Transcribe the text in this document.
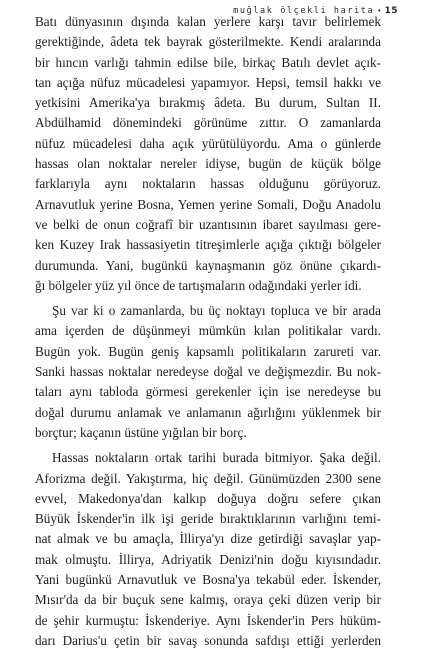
muğlak ölçekli harita • 15
Batı dünyasının dışında kalan yerlere karşı tavır belirlemek
gerektiğinde, âdeta tek bayrak gösterilmekte. Kendi aralarında
bir hıncın varlığı tahmin edilse bile, birkaç Batılı devlet açık-
tan açığa nüfuz mücadelesi yapamıyor. Hepsi, temsil hakkı ve
yetkisini Amerika'ya bırakmış âdeta. Bu durum, Sultan II.
Abdülhamid dönemindeki görünüme zıttır. O zamanlarda
nüfuz mücadelesi daha açık yürütülüyordu. Ama o günlerde
hassas olan noktalar nereler idiyse, bugün de küçük bölge
farklarıyla aynı noktaların hassas olduğunu görüyoruz.
Arnavutluk yerine Bosna, Yemen yerine Somali, Doğu Anadolu
ve belki de onun coğrafî bir uzantısının ibaret sayılması gere-
ken Kuzey Irak hassasiyetin titreşimlerle açığa çıktığı bölgeler
durumunda. Yani, bugünkü kaynaşmanın göz önüne çıkardı-
ğı bölgeler yüz yıl önce de tartışmaların odağındaki yerler idi.
Şu var ki o zamanlarda, bu üç noktayı topluca ve bir arada
ama içerden de düşünmeyi mümkün kılan politikalar vardı.
Bugün yok. Bugün geniş kapsamlı politikaların zarureti var.
Sanki hassas noktalar neredeyse doğal ve değişmezdir. Bu nok-
taları aynı tabloda görmesi gerekenler için ise neredeyse bu
doğal durumu anlamak ve anlamanın ağırlığını yüklenmek bir
borçtur; kaçanın üstüne yığılan bir borç.
Hassas noktaların ortak tarihi burada bitmiyor. Şaka değil.
Aforizma değil. Yakıştırma, hiç değil. Günümüzden 2300 sene
evvel, Makedonya'dan kalkıp doğuya doğru sefere çıkan
Büyük İskender'in ilk işi geride bıraktıklarının varlığını temi-
nat almak ve bu amaçla, İllirya'yı dize getirdiği savaşlar yap-
mak olmuştu. İllirya, Adriyatik Denizi'nin doğu kıyısındadır.
Yani bugünkü Arnavutluk ve Bosna'ya tekabül eder. İskender,
Mısır'da da bir buçuk sene kalmış, oraya çeki düzen verip bir
de şehir kurmuştu: İskenderiye. Aynı İskender'in Pers hüküm-
darı Darius'u çetin bir savaş sonunda safdışı ettiği yerlerden
